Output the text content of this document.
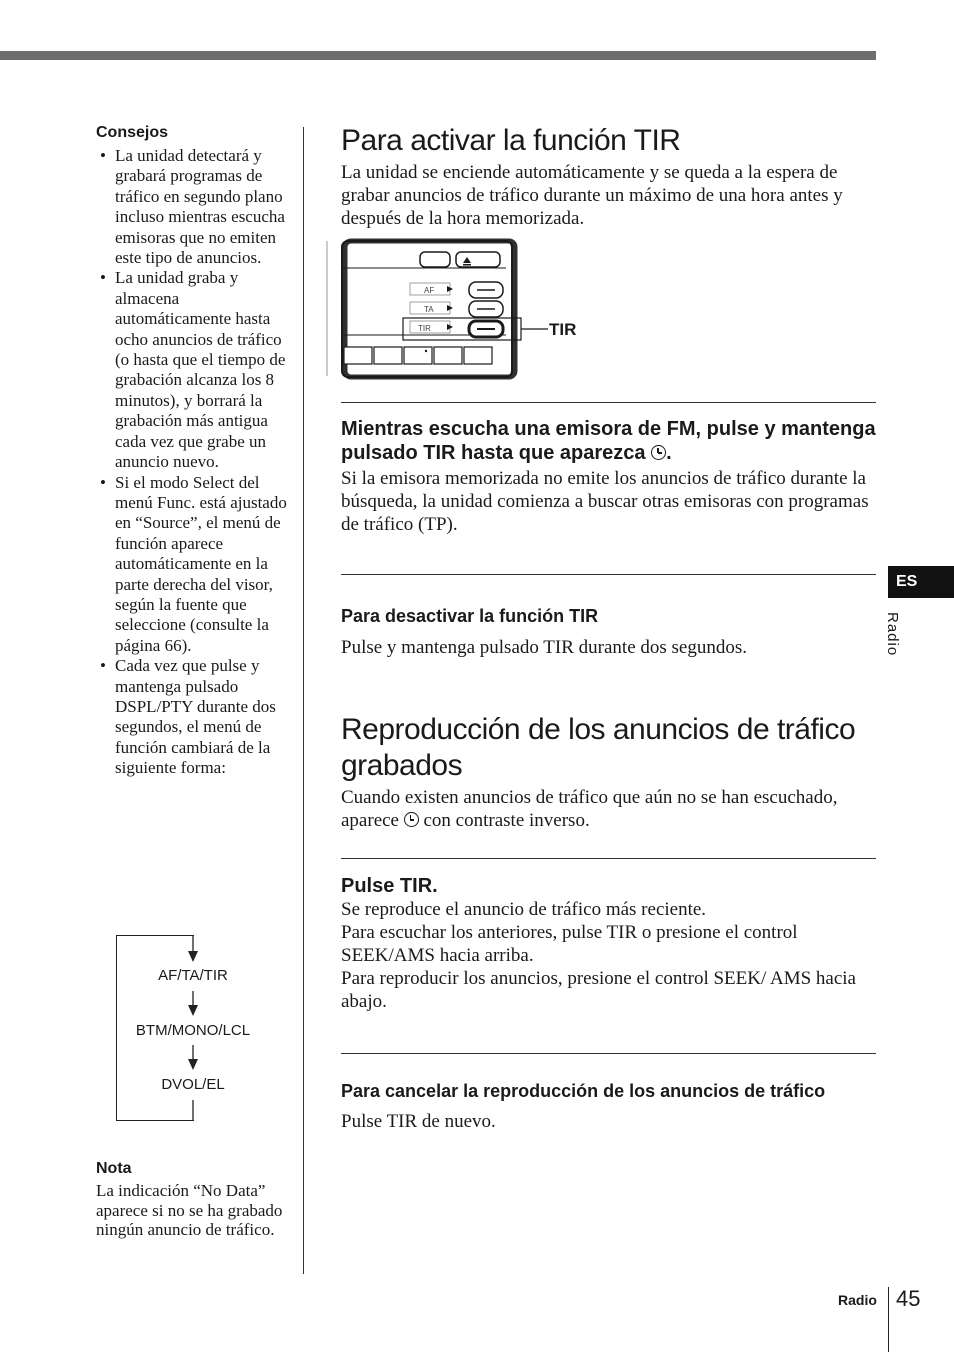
Consejos
• La unidad detectará y grabará programas de tráfico en segundo plano incluso mientras escucha emisoras que no emiten este tipo de anuncios.
• La unidad graba y almacena automáticamente hasta ocho anuncios de tráfico (o hasta que el tiempo de grabación alcanza los 8 minutos), y borrará la grabación más antigua cada vez que grabe un anuncio nuevo.
• Si el modo Select del menú Func. está ajustado en “Source”, el menú de función aparece automáticamente en la parte derecha del visor, según la fuente que seleccione (consulte la página 66).
• Cada vez que pulse y mantenga pulsado DSPL/PTY durante dos segundos, el menú de función cambiará de la siguiente forma:
AF/TA/TIR
BTM/MONO/LCL
DVOL/EL
Nota
La indicación “No Data” aparece si no se ha grabado ningún anuncio de tráfico.
Para activar la función TIR
La unidad se enciende automáticamente y se queda a la espera de grabar anuncios de tráfico durante un máximo de una hora antes y después de la hora memorizada.
AF
TA
TIR	TIR
Mientras escucha una emisora de FM, pulse y mantenga pulsado TIR hasta que aparezca .
Si la emisora memorizada no emite los anuncios de tráfico durante la búsqueda, la unidad comienza a buscar otras emisoras con programas de tráfico (TP).
Para desactivar la función TIR
Pulse y mantenga pulsado TIR durante dos segundos.
Reproducción de los anuncios de tráfico
grabados
Cuando existen anuncios de tráfico que aún no se han escuchado, aparece con contraste inverso.
Pulse TIR.
Se reproduce el anuncio de tráfico más reciente.
Para escuchar los anteriores, pulse TIR o presione el control SEEK/AMS hacia arriba.
Para reproducir los anuncios, presione el control SEEK/ AMS hacia abajo.
Para cancelar la reproducción de los anuncios de tráfico
Pulse TIR de nuevo.
ES
Radio
Radio 45
